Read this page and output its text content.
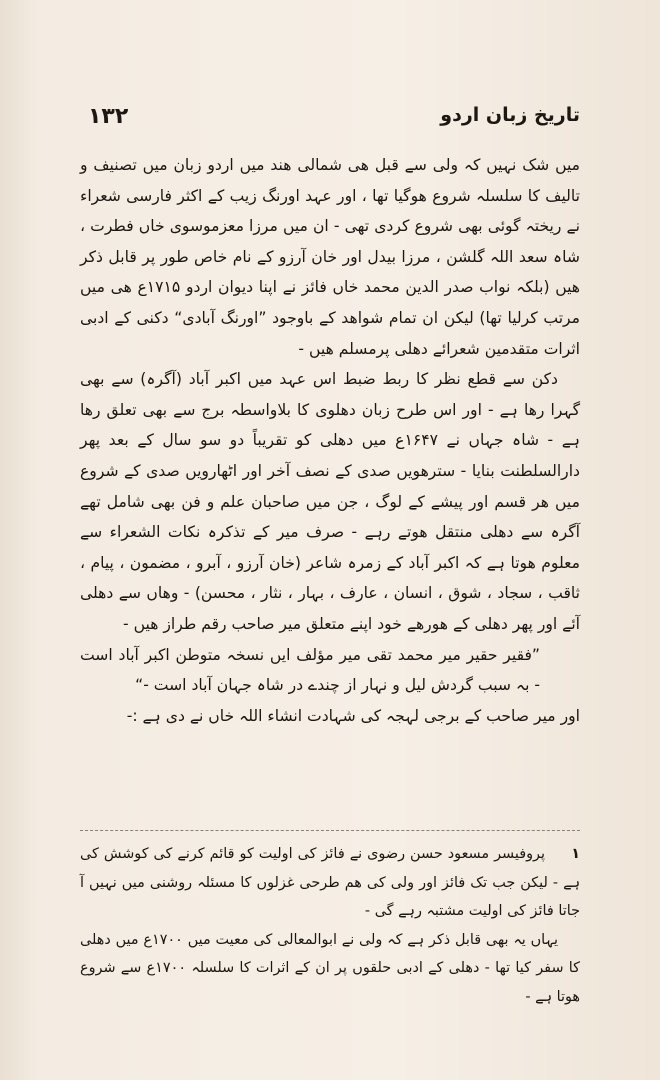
١٣٢	تاریخ زبان اردو

میں شک نہیں کہ ولی سے قبل ھی شمالی ھند میں اردو زبان میں تصنیف و تالیف کا سلسلہ شروع ھوگیا تھا ، اور عہد اورنگ زیب کے اکثر فارسی شعراء نے ریختہ گوئی بھی شروع کردی تھی - ان میں مرزا معزموسوی خاں فطرت ، شاہ سعد اللہ گلشن ، مرزا بیدل اور خان آرزو کے نام خاص طور پر قابل ذکر ھیں (بلکہ نواب صدر الدین محمد خاں فائز نے اپنا دیوان اردو ۱۷۱۵ع ھی میں مرتب کرلیا تھا) لیکن ان تمام شواھد کے باوجود ”اورنگ آبادی“ دکنی کے ادبی اثرات متقدمین شعرائے دھلی پرمسلم ھیں -

دکن سے قطع نظر کا ربط ضبط اس عہد میں اکبر آباد (آگرہ) سے بھی گہرا رھا ہے - اور اس طرح زبان دھلوی کا بلاواسطہ برج سے بھی تعلق رھا ہے - شاہ جہاں نے ۱۶۴۷ع میں دھلی کو تقریباً دو سو سال کے بعد پھر دارالسلطنت بنایا - سترھویں صدی کے نصف آخر اور اٹھارویں صدی کے شروع میں ھر قسم اور پیشے کے لوگ ، جن میں صاحبان علم و فن بھی شامل تھے آگرہ سے دھلی منتقل ھوتے رہے - صرف میر کے تذکرہ نکات الشعراء سے معلوم ھوتا ہے کہ اکبر آباد کے زمرہ شاعر (خان آرزو ، آبرو ، مضمون ، پیام ، ثاقب ، سجاد ، شوق ، انسان ، عارف ، بہار ، نثار ، محسن) - وھاں سے دھلی آئے اور پھر دھلی کے ھورھے خود اپنے متعلق میر صاحب رقم طراز ھیں -

”فقیر حقیر میر محمد تقی میر مؤلف ایں نسخہ متوطن اکبر آباد است - بہ سبب گردش لیل و نہار از چندے در شاہ جہان آباد است -“

اور میر صاحب کے برجی لہجہ کی شہادت انشاء اللہ خاں نے دی ہے :-

۱ پروفیسر مسعود حسن رضوی نے فائز کی اولیت کو قائم کرنے کی کوشش کی ہے - لیکن جب تک فائز اور ولی کی ھم طرحی غزلوں کا مسئلہ روشنی میں نہیں آ جاتا فائز کی اولیت مشتبہ رہے گی -

یہاں یہ بھی قابل ذکر ہے کہ ولی نے ابوالمعالی کی معیت میں ۱۷۰۰ع میں دھلی کا سفر کیا تھا - دھلی کے ادبی حلقوں پر ان کے اثرات کا سلسلہ ۱۷۰۰ع سے شروع ھوتا ہے -
